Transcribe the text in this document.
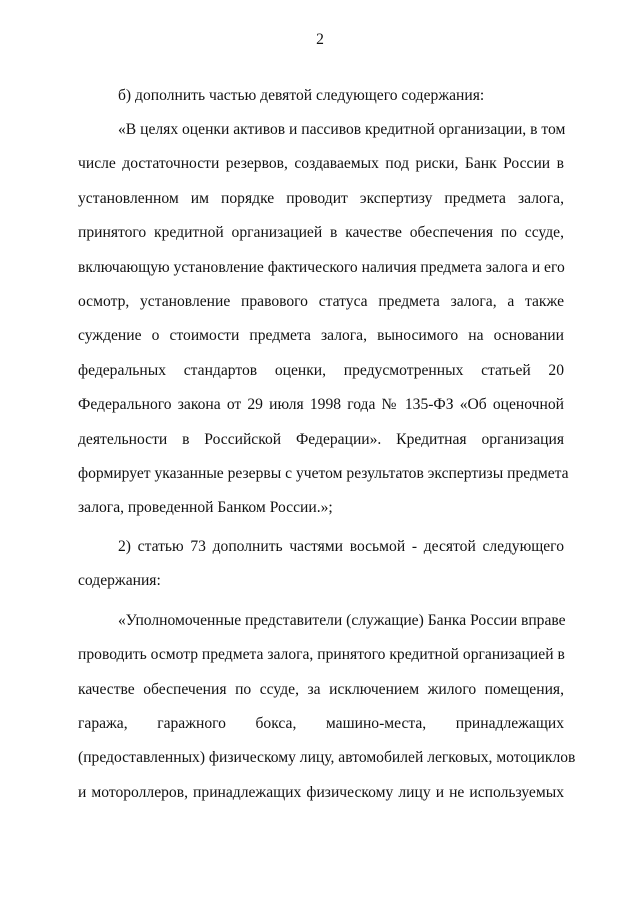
2
б) дополнить частью девятой следующего содержания:
«В целях оценки активов и пассивов кредитной организации, в том
числе достаточности резервов, создаваемых под риски, Банк России в
установленном им порядке проводит экспертизу предмета залога,
принятого кредитной организацией в качестве обеспечения по ссуде,
включающую установление фактического наличия предмета залога и его
осмотр, установление правового статуса предмета залога, а также
суждение о стоимости предмета залога, выносимого на основании
федеральных стандартов оценки, предусмотренных статьей 20
Федерального закона от 29 июля 1998 года № 135-ФЗ «Об оценочной
деятельности в Российской Федерации». Кредитная организация
формирует указанные резервы с учетом результатов экспертизы предмета
залога, проведенной Банком России.»;
2) статью 73 дополнить частями восьмой - десятой следующего
содержания:
«Уполномоченные представители (служащие) Банка России вправе
проводить осмотр предмета залога, принятого кредитной организацией в
качестве обеспечения по ссуде, за исключением жилого помещения,
гаража, гаражного бокса, машино-места, принадлежащих
(предоставленных) физическому лицу, автомобилей легковых, мотоциклов
и мотороллеров, принадлежащих физическому лицу и не используемых
